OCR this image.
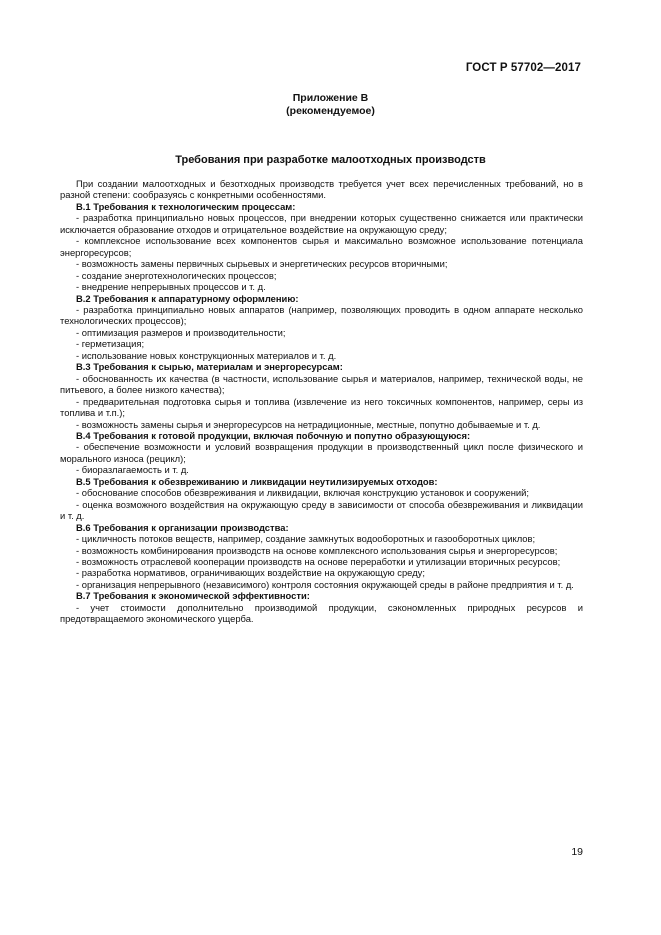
ГОСТ Р 57702—2017
Приложение В
(рекомендуемое)
Требования при разработке малоотходных производств

При создании малоотходных и безотходных производств требуется учет всех перечисленных требований, но в разной степени: сообразуясь с конкретными особенностями.

В.1 Требования к технологическим процессам:

- разработка принципиально новых процессов, при внедрении которых существенно снижается или практически исключается образование отходов и отрицательное воздействие на окружающую среду;

- комплексное использование всех компонентов сырья и максимально возможное использование потенциала энергоресурсов;

- возможность замены первичных сырьевых и энергетических ресурсов вторичными;

- создание энерготехнологических процессов;

- внедрение непрерывных процессов и т. д.

В.2 Требования к аппаратурному оформлению:

- разработка принципиально новых аппаратов (например, позволяющих проводить в одном аппарате несколько технологических процессов);

- оптимизация размеров и производительности;

- герметизация;

- использование новых конструкционных материалов и т. д.

В.3 Требования к сырью, материалам и энергоресурсам:

- обоснованность их качества (в частности, использование сырья и материалов, например, технической воды, не питьевого, а более низкого качества);

- предварительная подготовка сырья и топлива (извлечение из него токсичных компонентов, например, серы из топлива и т.п.);

- возможность замены сырья и энергоресурсов на нетрадиционные, местные, попутно добываемые и т. д.

В.4 Требования к готовой продукции, включая побочную и попутно образующуюся:

- обеспечение возможности и условий возвращения продукции в производственный цикл после физического и морального износа (рецикл);

- биоразлагаемость и т. д.

В.5 Требования к обезвреживанию и ликвидации неутилизируемых отходов:

- обоснование способов обезвреживания и ликвидации, включая конструкцию установок и сооружений;

- оценка возможного воздействия на окружающую среду в зависимости от способа обезвреживания и ликвидации и т. д.

В.6 Требования к организации производства:

- цикличность потоков веществ, например, создание замкнутых водооборотных и газооборотных циклов;

- возможность комбинирования производств на основе комплексного использования сырья и энергоресурсов;

- возможность отраслевой кооперации производств на основе переработки и утилизации вторичных ресурсов;

- разработка нормативов, ограничивающих воздействие на окружающую среду;

- организация непрерывного (независимого) контроля состояния окружающей среды в районе предприятия и т. д.

В.7 Требования к экономической эффективности:

- учет стоимости дополнительно производимой продукции, сэкономленных природных ресурсов и предотвращаемого экономического ущерба.

19
